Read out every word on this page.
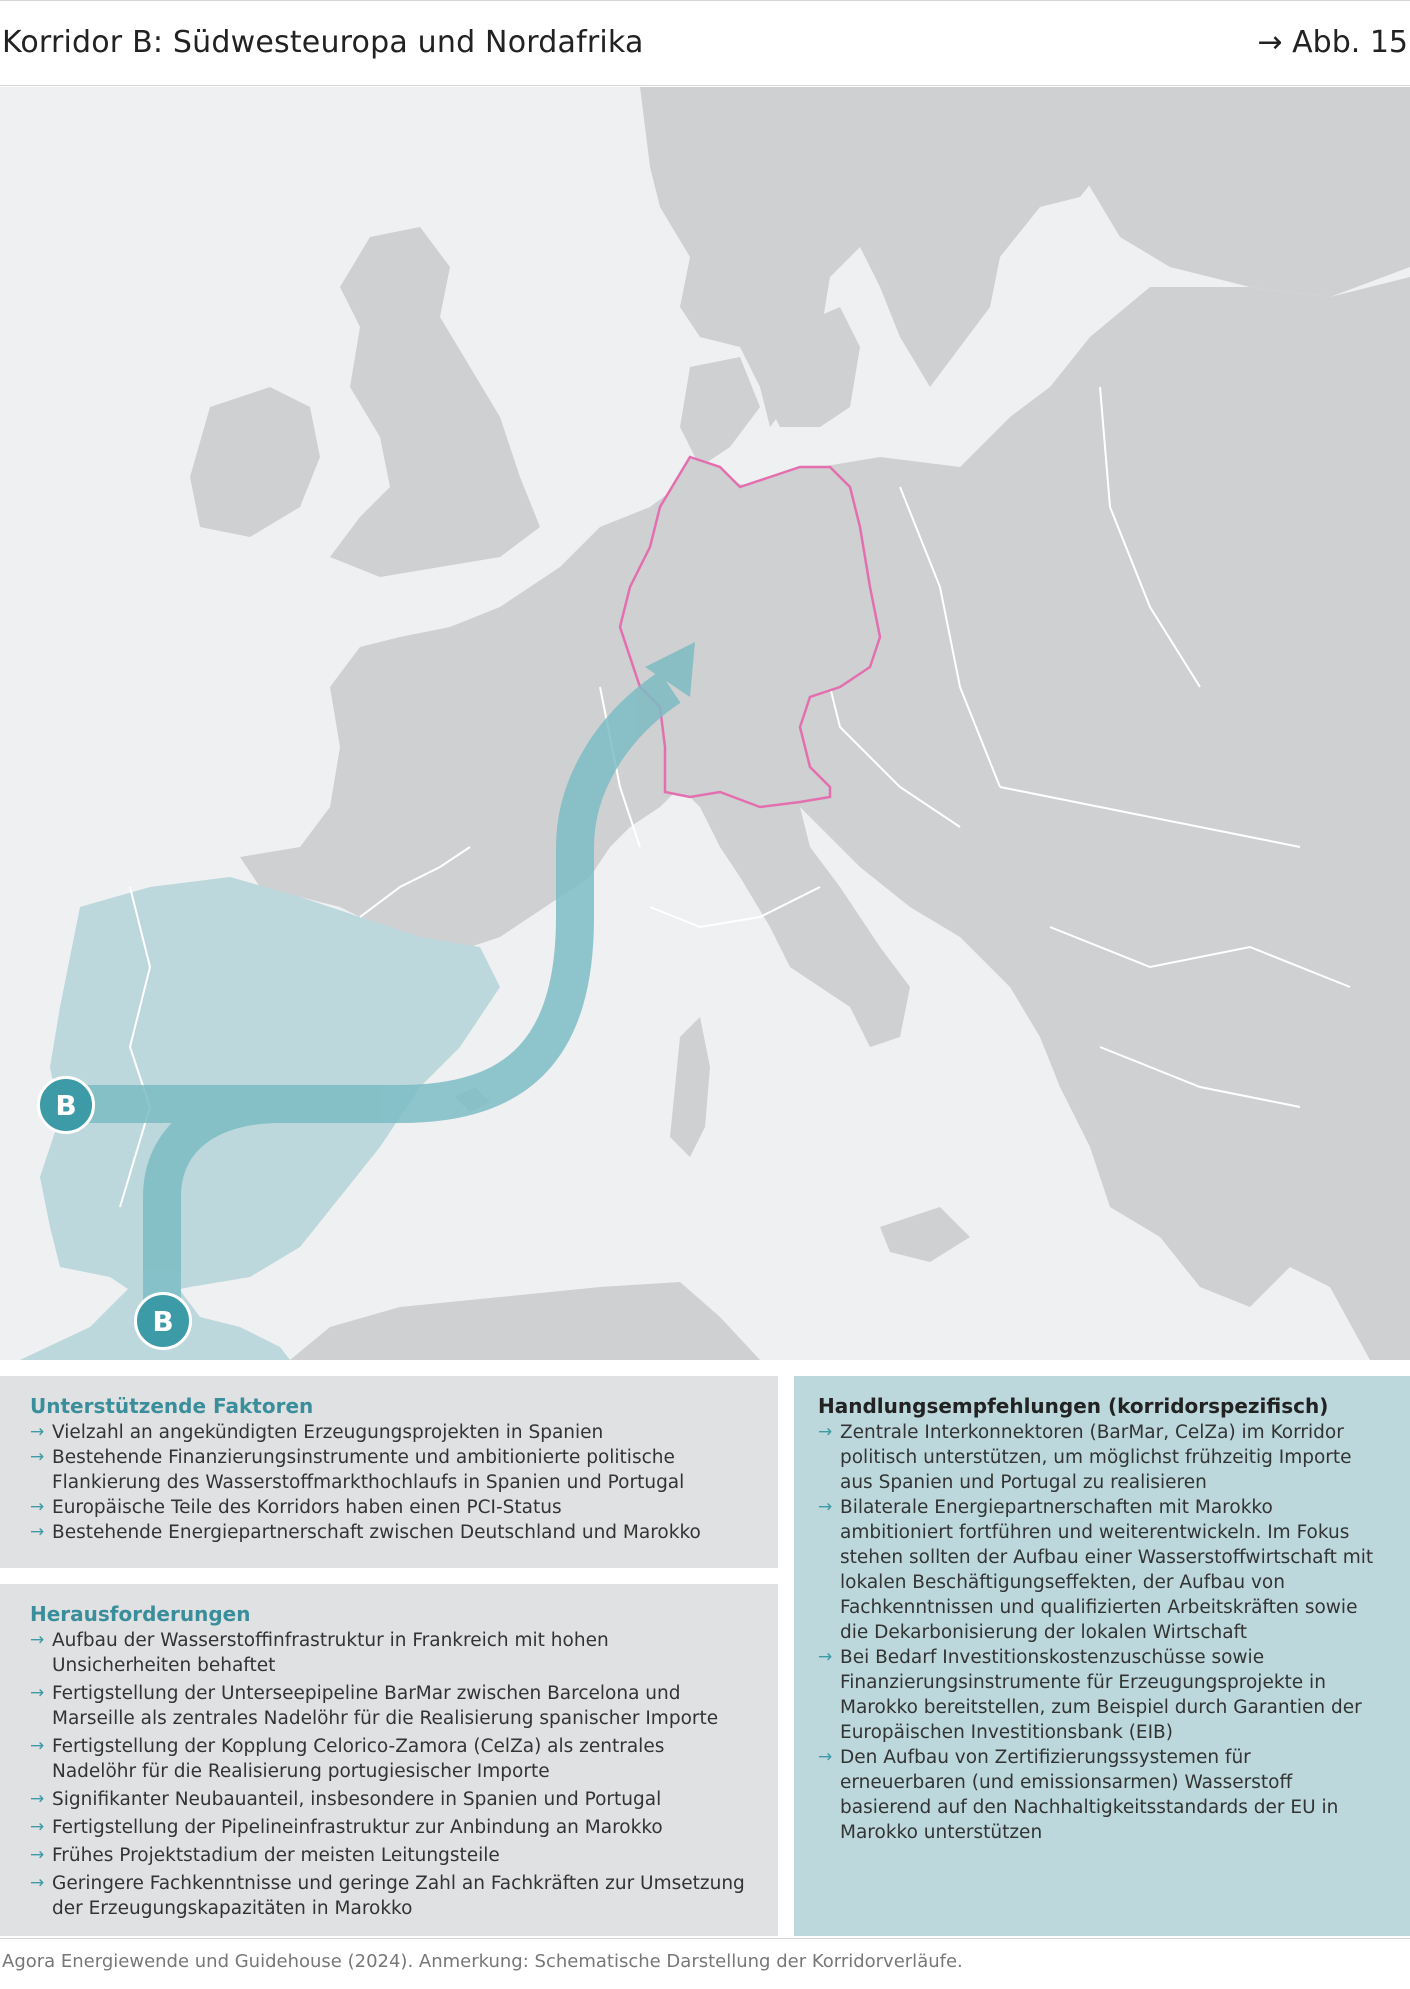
Korridor B: Südwesteuropa und Nordafrika	→ Abb. 15
B
B
Unterstützende Faktoren
→ Vielzahl an angekündigten Erzeugungsprojekten in Spanien
→ Bestehende Finanzierungsinstrumente und ambitionierte politische Flankierung des Wasserstoffmarkthochlaufs in Spanien und Portugal
→ Europäische Teile des Korridors haben einen PCI-Status
→ Bestehende Energiepartnerschaft zwischen Deutschland und Marokko
Herausforderungen
→ Aufbau der Wasserstoffinfrastruktur in Frankreich mit hohen Unsicherheiten behaftet
→ Fertigstellung der Unterseepipeline BarMar zwischen Barcelona und Marseille als zentrales Nadelöhr für die Realisierung spanischer Importe
→ Fertigstellung der Kopplung Celorico-Zamora (CelZa) als zentrales Nadelöhr für die Realisierung portugiesischer Importe
→ Signifikanter Neubauanteil, insbesondere in Spanien und Portugal
→ Fertigstellung der Pipelineinfrastruktur zur Anbindung an Marokko
→ Frühes Projektstadium der meisten Leitungsteile
→ Geringere Fachkenntnisse und geringe Zahl an Fachkräften zur Umsetzung der Erzeugungskapazitäten in Marokko
Handlungsempfehlungen (korridorspezifisch)
→ Zentrale Interkonnektoren (BarMar, CelZa) im Korridor politisch unterstützen, um möglichst frühzeitig Importe aus Spanien und Portugal zu realisieren
→ Bilaterale Energiepartnerschaften mit Marokko ambitioniert fortführen und weiterentwickeln. Im Fokus stehen sollten der Aufbau einer Wasserstoffwirtschaft mit lokalen Beschäftigungseffekten, der Aufbau von Fachkenntnissen und qualifizierten Arbeitskräften sowie die Dekarbonisierung der lokalen Wirtschaft
→ Bei Bedarf Investitionskostenzuschüsse sowie Finanzierungsinstrumente für Erzeugungsprojekte in Marokko bereitstellen, zum Beispiel durch Garantien der Europäischen Investitionsbank (EIB)
→ Den Aufbau von Zertifizierungssystemen für erneuerbaren (und emissionsarmen) Wasserstoff basierend auf den Nachhaltigkeitsstandards der EU in Marokko unterstützen
Agora Energiewende und Guidehouse (2024). Anmerkung: Schematische Darstellung der Korridorverläufe.
